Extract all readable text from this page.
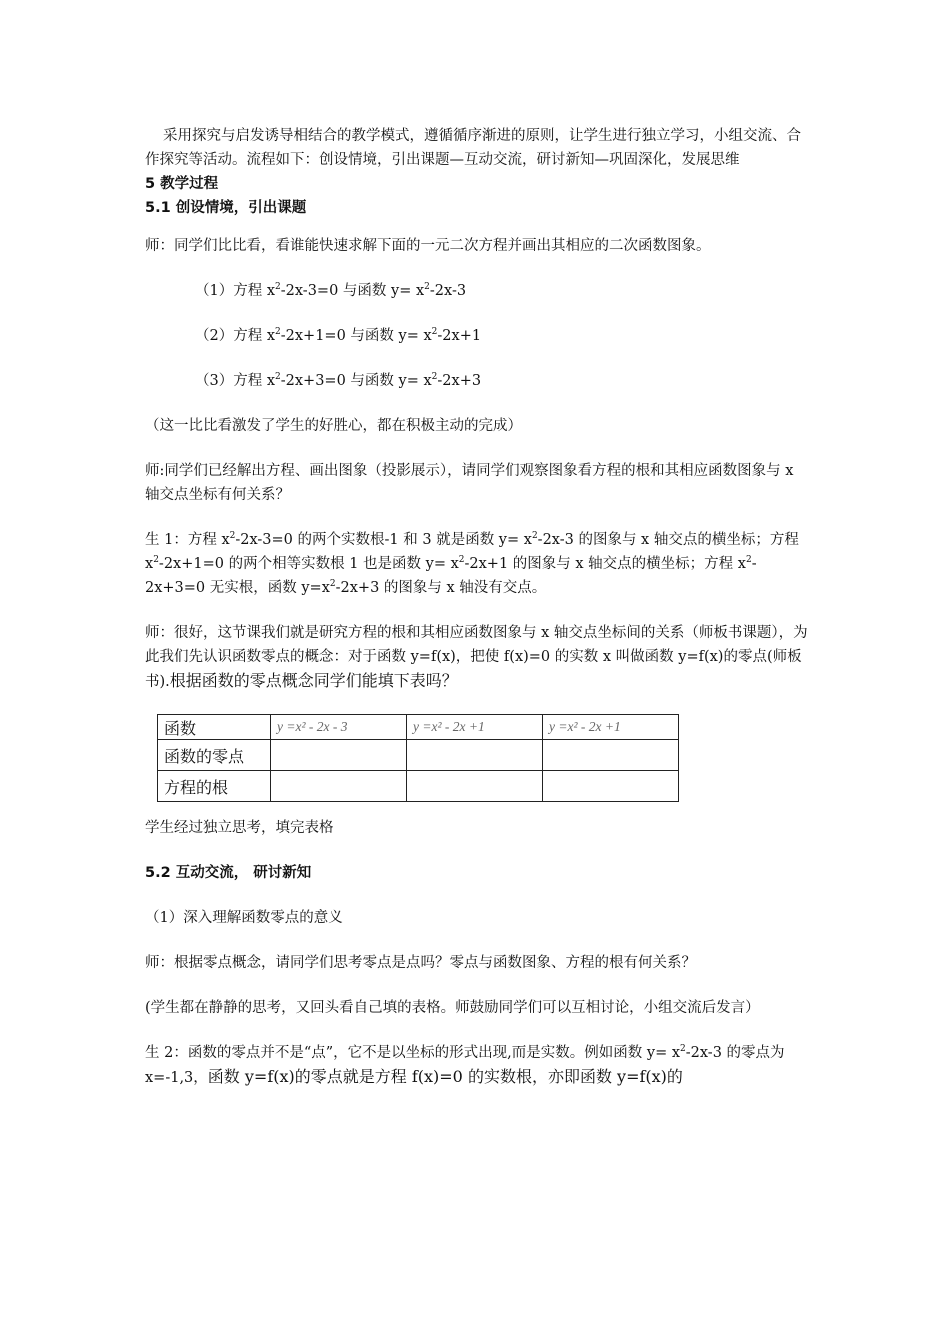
采用探究与启发诱导相结合的教学模式，遵循循序渐进的原则，让学生进行独立学习，小组交流、合作探究等活动。流程如下：创设情境，引出课题—互动交流，研讨新知—巩固深化，发展思维

5 教学过程

5.1 创设情境，引出课题

师：同学们比比看，看谁能快速求解下面的一元二次方程并画出其相应的二次函数图象。

（1）方程 $x^2-2x-3=0$ 与函数 $y= x^2-2x-3$

（2）方程 $x^2-2x+1=0$ 与函数 $y= x^2-2x+1$

（3）方程 $x^2-2x+3=0$ 与函数 $y= x^2-2x+3$

（这一比比看激发了学生的好胜心，都在积极主动的完成）

师:同学们已经解出方程、画出图象（投影展示），请同学们观察图象看方程的根和其相应函数图象与 x 轴交点坐标有何关系？

生 1：方程 $x^2-2x-3=0$ 的两个实数根-1 和 3 就是函数 $y= x^2-2x-3$ 的图象与 x 轴交点的横坐标；方程 $x^2-2x+1=0$ 的两个相等实数根 1 也是函数 $y= x^2-2x+1$ 的图象与 x 轴交点的横坐标；方程 $x^2-2x+3=0$ 无实根，函数 $y=x^2-2x+3$ 的图象与 x 轴没有交点。

师：很好，这节课我们就是研究方程的根和其相应函数图象与 x 轴交点坐标间的关系（师板书课题），为此我们先认识函数零点的概念：对于函数 y=f(x)，把使 f(x)=0 的实数 x 叫做函数 y=f(x)的零点(师板书).根据函数的零点概念同学们能填下表吗？

函数	y =x² - 2x - 3	y =x² - 2x +1	y =x² - 2x +1
函数的零点			
方程的根			

学生经过独立思考，填完表格

5.2 互动交流， 研讨新知

（1）深入理解函数零点的意义

师：根据零点概念，请同学们思考零点是点吗？零点与函数图象、方程的根有何关系？

(学生都在静静的思考，又回头看自己填的表格。师鼓励同学们可以互相讨论，小组交流后发言）

生 2：函数的零点并不是“点”，它不是以坐标的形式出现,而是实数。例如函数 $y= x^2-2x-3$ 的零点为 x=-1,3，函数 y=f(x)的零点就是方程 f(x)=0 的实数根，亦即函数 y=f(x)的
